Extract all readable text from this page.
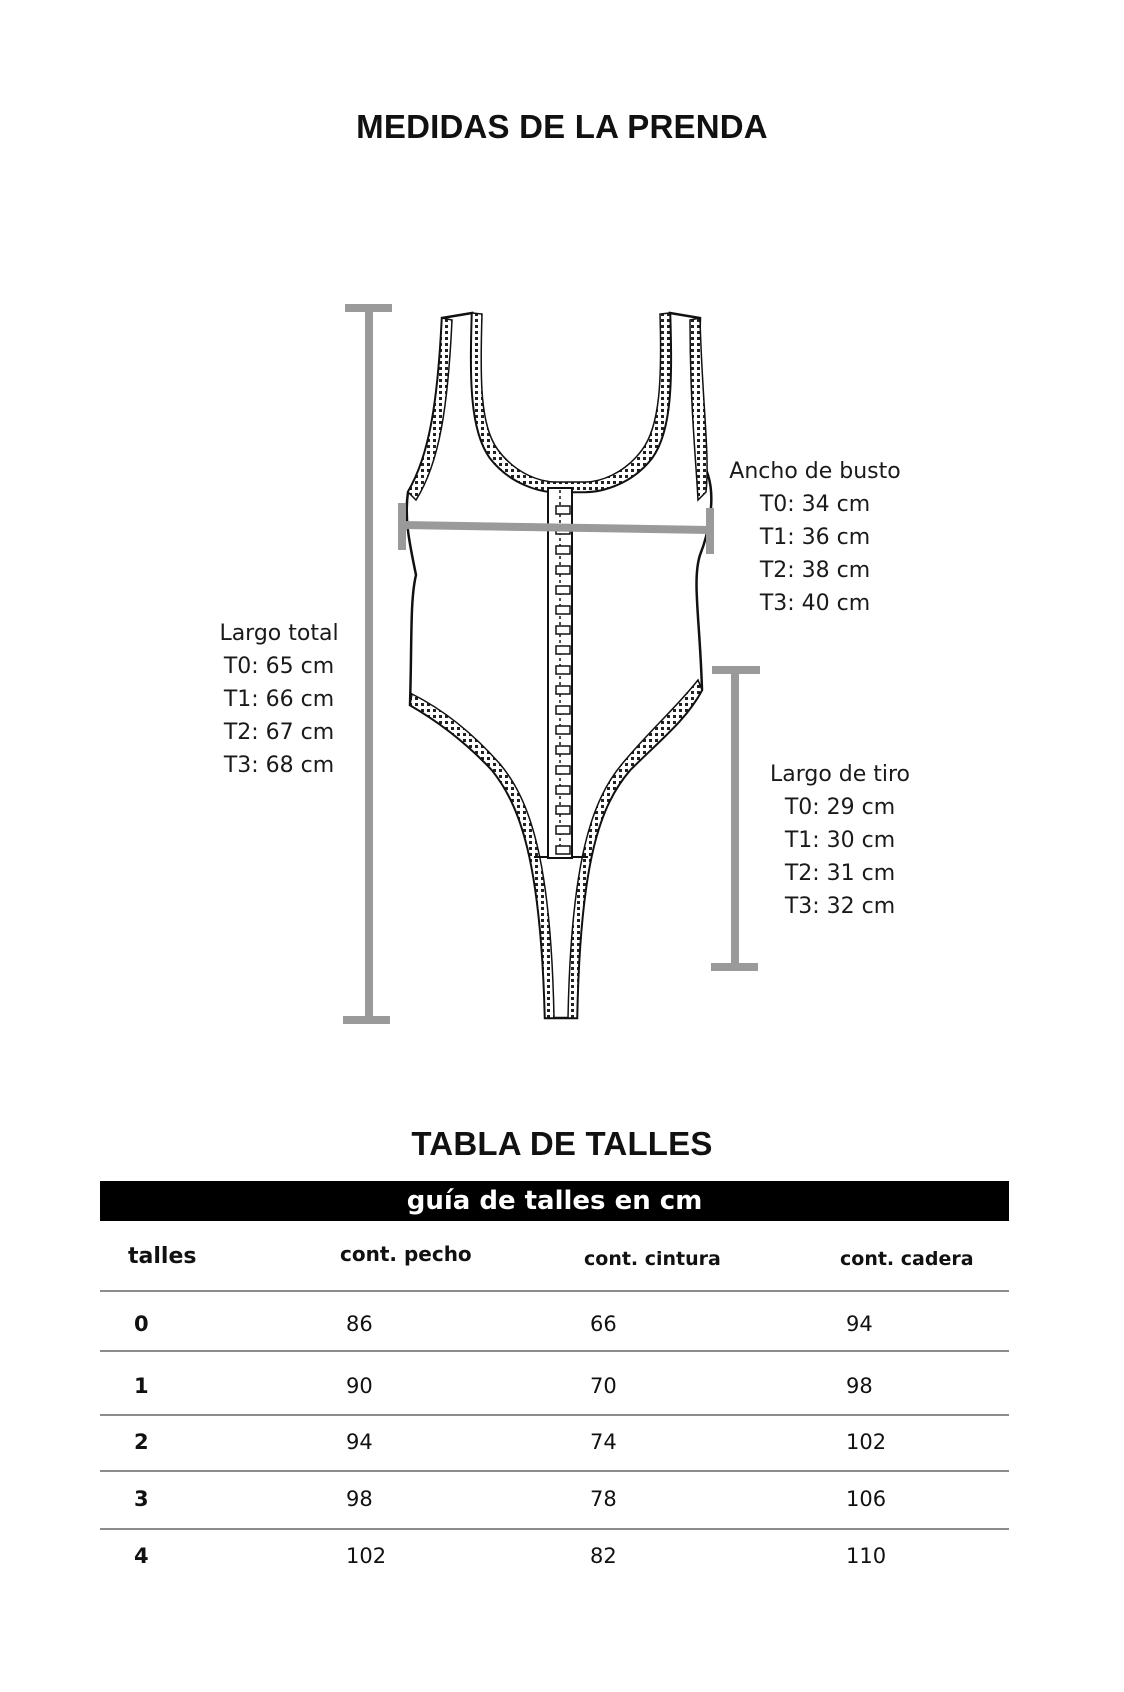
MEDIDAS DE LA PRENDA
Largo total
T0: 65 cm
T1: 66 cm
T2: 67 cm
T3: 68 cm
Ancho de busto
T0: 34 cm
T1: 36 cm
T2: 38 cm
T3: 40 cm
Largo de tiro
T0: 29 cm
T1: 30 cm
T2: 31 cm
T3: 32 cm
TABLA DE TALLES
guía de talles en cm
talles	cont. pecho	cont. cintura	cont. cadera
0	86	66	94
1	90	70	98
2	94	74	102
3	98	78	106
4	102	82	110
